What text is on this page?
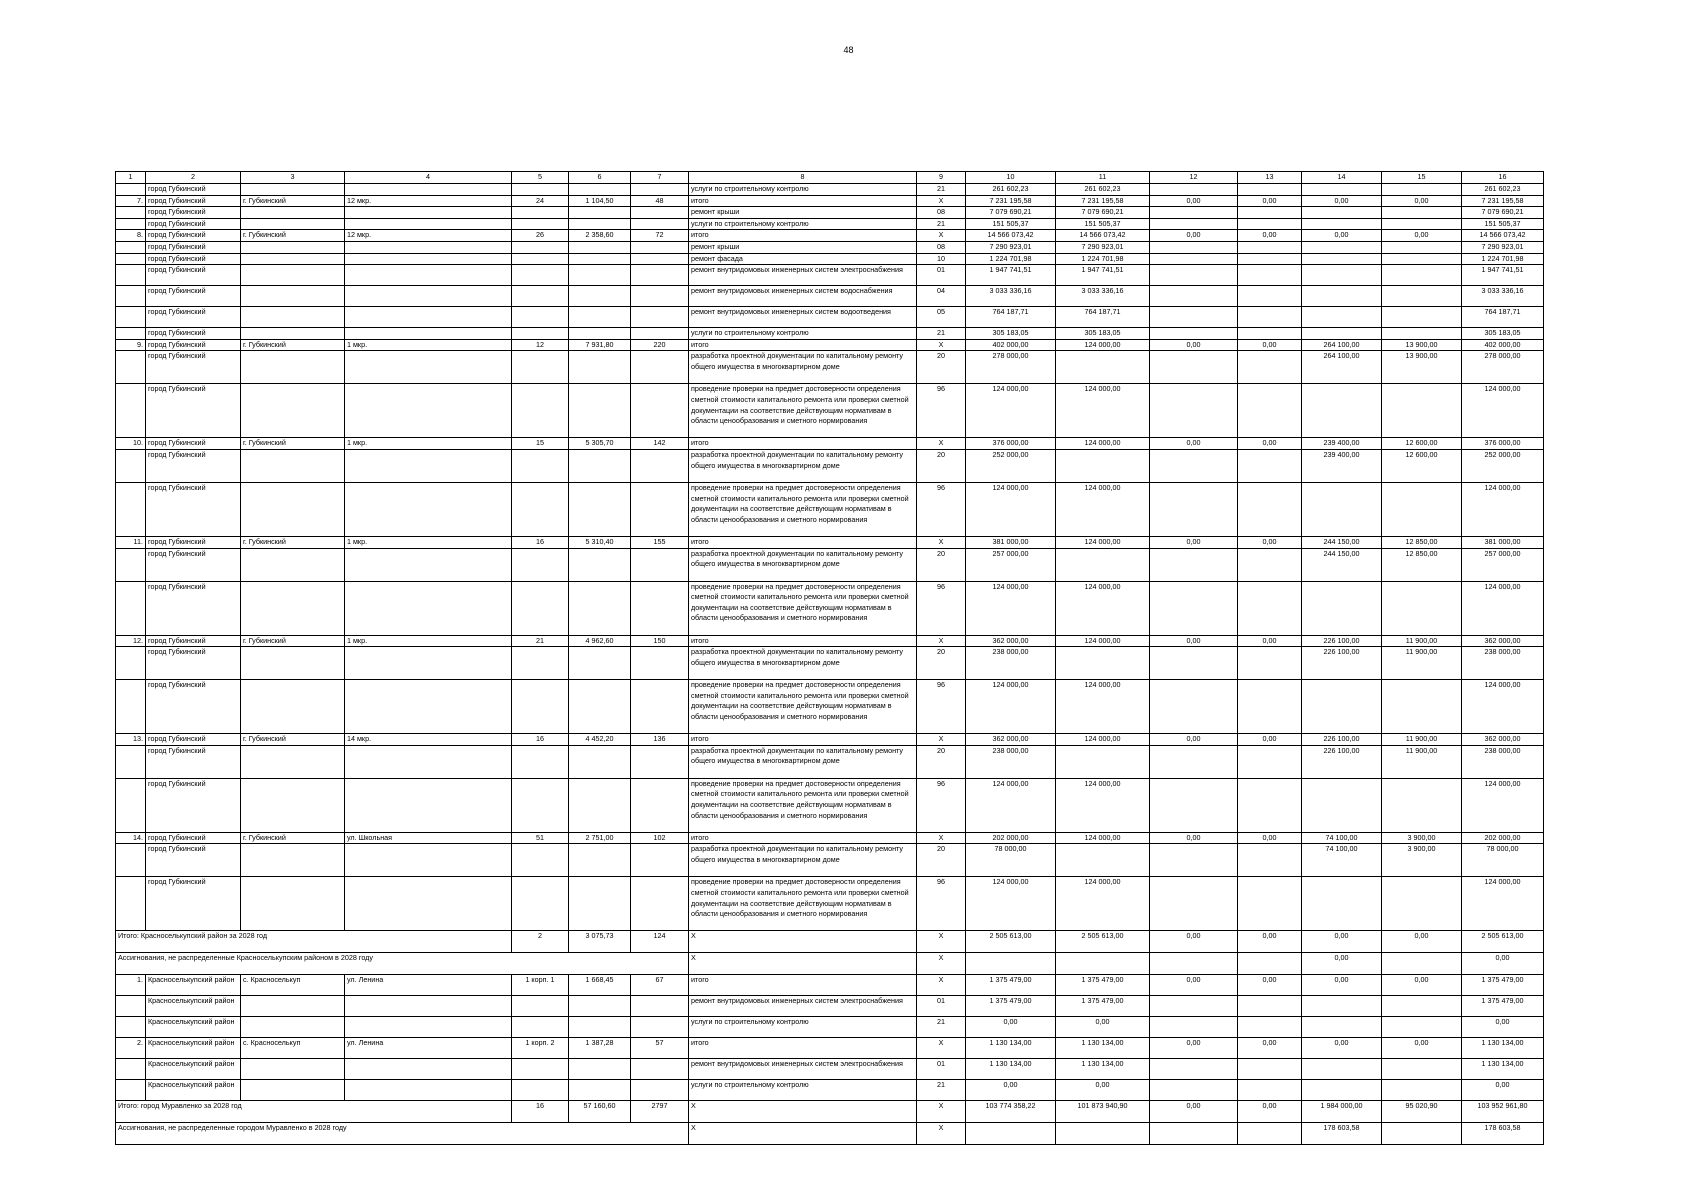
48
1	2	3	4	5	6	7	8	9	10	11	12	13	14	15	16
	город Губкинский						услуги по строительному контролю	21	261 602,23	261 602,23					261 602,23
7.	город Губкинский	г. Губкинский	12 мкр.	24	1 104,50	48	итого	X	7 231 195,58	7 231 195,58	0,00	0,00	0,00	0,00	7 231 195,58
	город Губкинский						ремонт крыши	08	7 079 690,21	7 079 690,21					7 079 690,21
	город Губкинский						услуги по строительному контролю	21	151 505,37	151 505,37					151 505,37
8.	город Губкинский	г. Губкинский	12 мкр.	26	2 358,60	72	итого	X	14 566 073,42	14 566 073,42	0,00	0,00	0,00	0,00	14 566 073,42
	город Губкинский						ремонт крыши	08	7 290 923,01	7 290 923,01					7 290 923,01
	город Губкинский						ремонт фасада	10	1 224 701,98	1 224 701,98					1 224 701,98
	город Губкинский						ремонт внутридомовых инженерных систем электроснабжения	01	1 947 741,51	1 947 741,51					1 947 741,51
	город Губкинский						ремонт внутридомовых инженерных систем водоснабжения	04	3 033 336,16	3 033 336,16					3 033 336,16
	город Губкинский						ремонт внутридомовых инженерных систем водоотведения	05	764 187,71	764 187,71					764 187,71
	город Губкинский						услуги по строительному контролю	21	305 183,05	305 183,05					305 183,05
9.	город Губкинский	г. Губкинский	1 мкр.	12	7 931,80	220	итого	X	402 000,00	124 000,00	0,00	0,00	264 100,00	13 900,00	402 000,00
	город Губкинский						разработка проектной документации по капитальному ремонту общего имущества в многоквартирном доме	20	278 000,00				264 100,00	13 900,00	278 000,00
	город Губкинский						проведение проверки на предмет достоверности определения сметной стоимости капитального ремонта или проверки сметной документации на соответствие действующим нормативам в области ценообразования и сметного нормирования	96	124 000,00	124 000,00					124 000,00
10.	город Губкинский	г. Губкинский	1 мкр.	15	5 305,70	142	итого	X	376 000,00	124 000,00	0,00	0,00	239 400,00	12 600,00	376 000,00
	город Губкинский						разработка проектной документации по капитальному ремонту общего имущества в многоквартирном доме	20	252 000,00				239 400,00	12 600,00	252 000,00
	город Губкинский						проведение проверки на предмет достоверности определения сметной стоимости капитального ремонта или проверки сметной документации на соответствие действующим нормативам в области ценообразования и сметного нормирования	96	124 000,00	124 000,00					124 000,00
11.	город Губкинский	г. Губкинский	1 мкр.	16	5 310,40	155	итого	X	381 000,00	124 000,00	0,00	0,00	244 150,00	12 850,00	381 000,00
	город Губкинский						разработка проектной документации по капитальному ремонту общего имущества в многоквартирном доме	20	257 000,00				244 150,00	12 850,00	257 000,00
	город Губкинский						проведение проверки на предмет достоверности определения сметной стоимости капитального ремонта или проверки сметной документации на соответствие действующим нормативам в области ценообразования и сметного нормирования	96	124 000,00	124 000,00					124 000,00
12.	город Губкинский	г. Губкинский	1 мкр.	21	4 962,60	150	итого	X	362 000,00	124 000,00	0,00	0,00	226 100,00	11 900,00	362 000,00
	город Губкинский						разработка проектной документации по капитальному ремонту общего имущества в многоквартирном доме	20	238 000,00				226 100,00	11 900,00	238 000,00
	город Губкинский						проведение проверки на предмет достоверности определения сметной стоимости капитального ремонта или проверки сметной документации на соответствие действующим нормативам в области ценообразования и сметного нормирования	96	124 000,00	124 000,00					124 000,00
13.	город Губкинский	г. Губкинский	14 мкр.	16	4 452,20	136	итого	X	362 000,00	124 000,00	0,00	0,00	226 100,00	11 900,00	362 000,00
	город Губкинский						разработка проектной документации по капитальному ремонту общего имущества в многоквартирном доме	20	238 000,00				226 100,00	11 900,00	238 000,00
	город Губкинский						проведение проверки на предмет достоверности определения сметной стоимости капитального ремонта или проверки сметной документации на соответствие действующим нормативам в области ценообразования и сметного нормирования	96	124 000,00	124 000,00					124 000,00
14.	город Губкинский	г. Губкинский	ул. Школьная	51	2 751,00	102	итого	X	202 000,00	124 000,00	0,00	0,00	74 100,00	3 900,00	202 000,00
	город Губкинский						разработка проектной документации по капитальному ремонту общего имущества в многоквартирном доме	20	78 000,00				74 100,00	3 900,00	78 000,00
	город Губкинский						проведение проверки на предмет достоверности определения сметной стоимости капитального ремонта или проверки сметной документации на соответствие действующим нормативам в области ценообразования и сметного нормирования	96	124 000,00	124 000,00					124 000,00
Итого: Красноселькупский район за 2028 год				2	3 075,73	124	X	X	2 505 613,00	2 505 613,00	0,00	0,00	0,00	0,00	2 505 613,00
Ассигнования, не распределенные Красноселькупским районом в 2028 году							X	X					0,00		0,00
1.	Красноселькупский район	с. Красноселькуп	ул. Ленина	1 корп. 1	1 668,45	67	итого	X	1 375 479,00	1 375 479,00	0,00	0,00	0,00	0,00	1 375 479,00
	Красноселькупский район						ремонт внутридомовых инженерных систем электроснабжения	01	1 375 479,00	1 375 479,00					1 375 479,00
	Красноселькупский район						услуги по строительному контролю	21	0,00	0,00					0,00
2.	Красноселькупский район	с. Красноселькуп	ул. Ленина	1 корп. 2	1 387,28	57	итого	X	1 130 134,00	1 130 134,00	0,00	0,00	0,00	0,00	1 130 134,00
	Красноселькупский район						ремонт внутридомовых инженерных систем электроснабжения	01	1 130 134,00	1 130 134,00					1 130 134,00
	Красноселькупский район						услуги по строительному контролю	21	0,00	0,00					0,00
Итого: город Муравленко за 2028 год				16	57 160,60	2797	X	X	103 774 358,22	101 873 940,90	0,00	0,00	1 984 000,00	95 020,90	103 952 961,80
Ассигнования, не распределенные городом Муравленко в 2028 году							X	X					178 603,58		178 603,58
